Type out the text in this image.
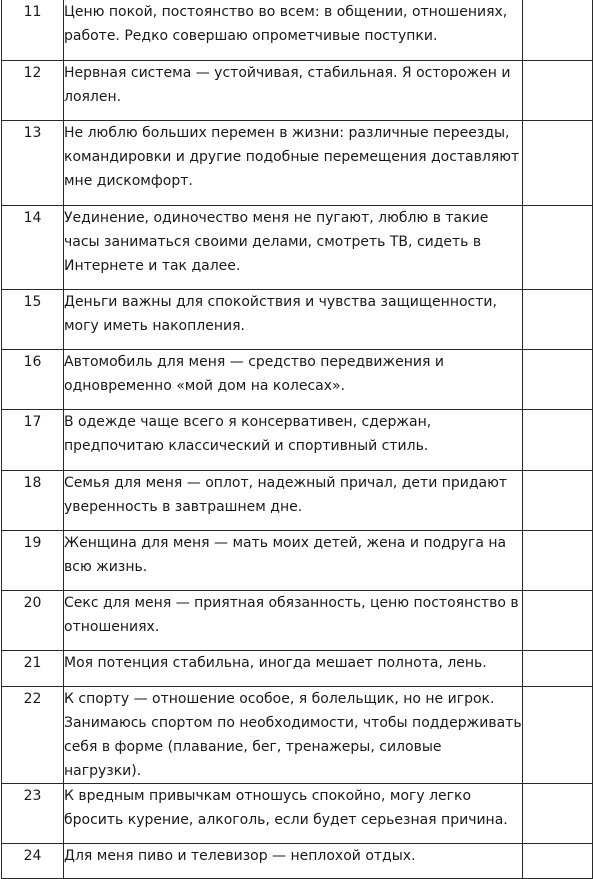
11	Ценю покой, постоянство во всем: в общении, отношениях, работе. Редко совершаю опрометчивые поступки.	
12	Нервная система — устойчивая, стабильная. Я осторожен и лоялен.	
13	Не люблю больших перемен в жизни: различные переезды, командировки и другие подобные перемещения доставляют мне дискомфорт.	
14	Уединение, одиночество меня не пугают, люблю в такие часы заниматься своими делами, смотреть ТВ, сидеть в Интернете и так далее.	
15	Деньги важны для спокойствия и чувства защищенности, могу иметь накопления.	
16	Автомобиль для меня — средство передвижения и одновременно «мой дом на колесах».	
17	В одежде чаще всего я консервативен, сдержан, предпочитаю классический и спортивный стиль.	
18	Семья для меня — оплот, надежный причал, дети придают уверенность в завтрашнем дне.	
19	Женщина для меня — мать моих детей, жена и подруга на всю жизнь.	
20	Секс для меня — приятная обязанность, ценю постоянство в отношениях.	
21	Моя потенция стабильна, иногда мешает полнота, лень.	
22	К спорту — отношение особое, я болельщик, но не игрок. Занимаюсь спортом по необходимости, чтобы поддерживать себя в форме (плавание, бег, тренажеры, силовые нагрузки).	
23	К вредным привычкам отношусь спокойно, могу легко бросить курение, алкоголь, если будет серьезная причина.	
24	Для меня пиво и телевизор — неплохой отдых.	
